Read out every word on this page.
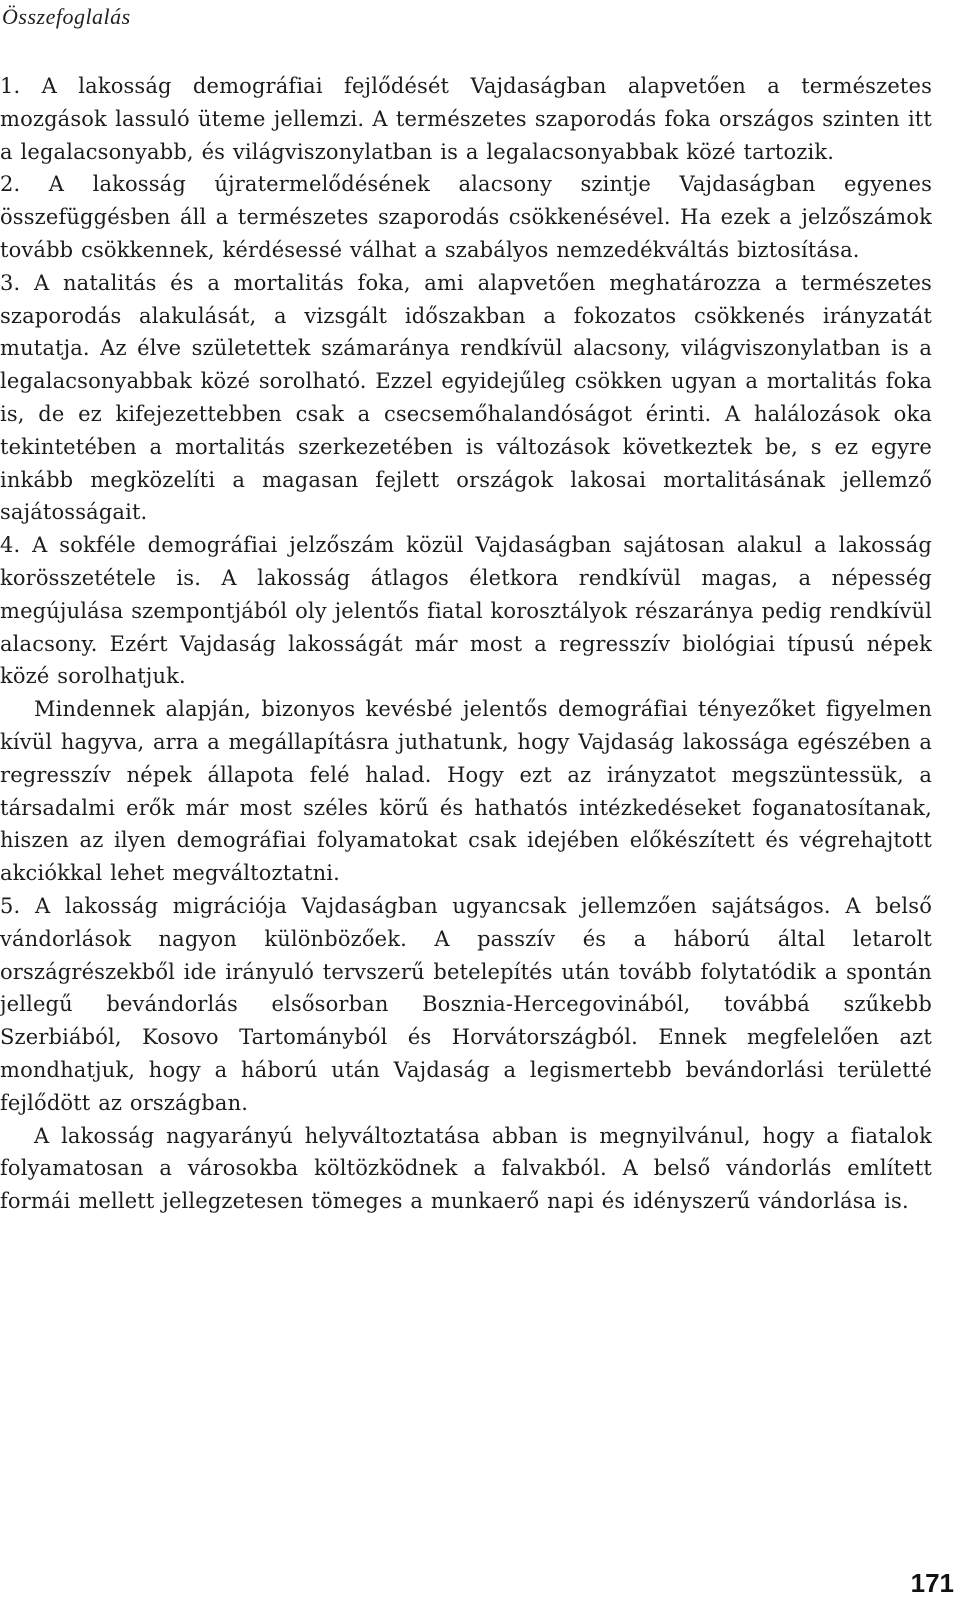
Összefoglalás

1. A lakosság demográfiai fejlődését Vajdaságban alapvetően a természetes mozgások lassuló üteme jellemzi. A természetes szaporodás foka országos szinten itt a legalacsonyabb, és világviszonylatban is a legalacsonyabbak közé tartozik.

2. A lakosság újratermelődésének alacsony szintje Vajdaságban egyenes összefüggésben áll a természetes szaporodás csökkenésével. Ha ezek a jelzőszámok tovább csökkennek, kérdésessé válhat a szabályos nemzedékváltás biztosítása.

3. A natalitás és a mortalitás foka, ami alapvetően meghatározza a természetes szaporodás alakulását, a vizsgált időszakban a fokozatos csökkenés irányzatát mutatja. Az élve születettek számaránya rendkívül alacsony, világviszonylatban is a legalacsonyabbak közé sorolható. Ezzel egyidejűleg csökken ugyan a mortalitás foka is, de ez kifejezettebben csak a csecsemőhalandóságot érinti. A halálozások oka tekintetében a mortalitás szerkezetében is változások következtek be, s ez egyre inkább megközelíti a magasan fejlett országok lakosai mortalitásának jellemző sajátosságait.

4. A sokféle demográfiai jelzőszám közül Vajdaságban sajátosan alakul a lakosság korösszetétele is. A lakosság átlagos életkora rendkívül magas, a népesség megújulása szempontjából oly jelentős fiatal korosztályok részaránya pedig rendkívül alacsony. Ezért Vajdaság lakosságát már most a regresszív biológiai típusú népek közé sorolhatjuk.

Mindennek alapján, bizonyos kevésbé jelentős demográfiai tényezőket figyelmen kívül hagyva, arra a megállapításra juthatunk, hogy Vajdaság lakossága egészében a regresszív népek állapota felé halad. Hogy ezt az irányzatot megszüntessük, a társadalmi erők már most széles körű és hathatós intézkedéseket foganatosítanak, hiszen az ilyen demográfiai folyamatokat csak idejében előkészített és végrehajtott akciókkal lehet megváltoztatni.

5. A lakosság migrációja Vajdaságban ugyancsak jellemzően sajátságos. A belső vándorlások nagyon különbözőek. A passzív és a háború által letarolt országrészekből ide irányuló tervszerű betelepítés után tovább folytatódik a spontán jellegű bevándorlás elsősorban Bosznia-Hercegovinából, továbbá szűkebb Szerbiából, Kosovo Tartományból és Horvátországból. Ennek megfelelően azt mondhatjuk, hogy a háború után Vajdaság a legismertebb bevándorlási területté fejlődött az országban.

A lakosság nagyarányú helyváltoztatása abban is megnyilvánul, hogy a fiatalok folyamatosan a városokba költözködnek a falvakból. A belső vándorlás említett formái mellett jellegzetesen tömeges a munkaerő napi és idényszerű vándorlása is.

171
